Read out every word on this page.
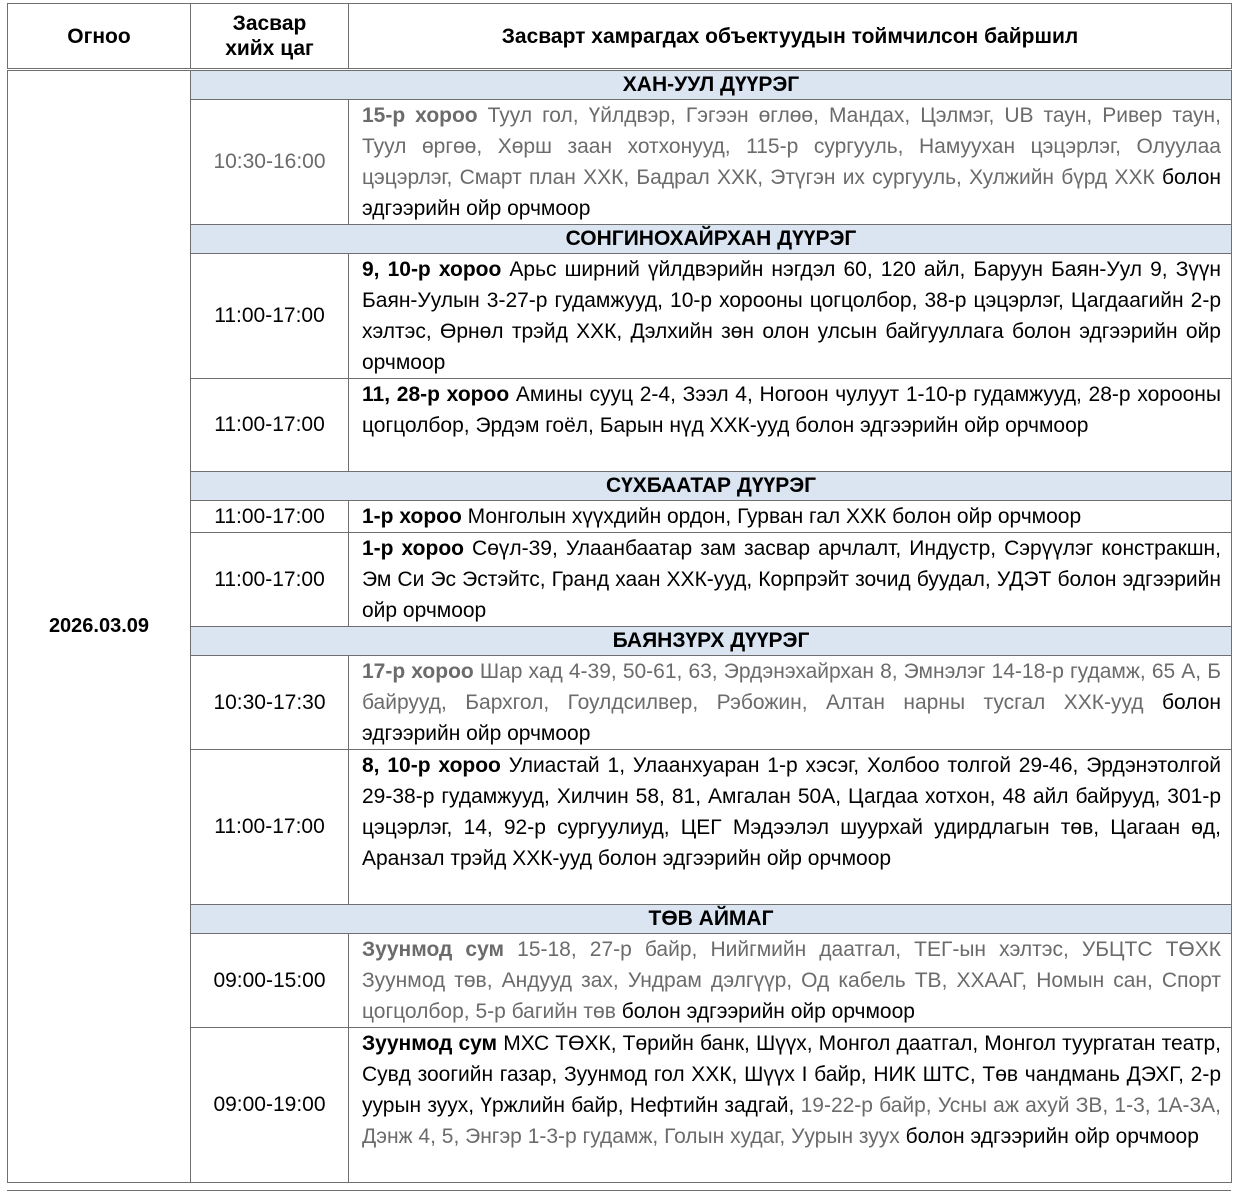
Огноо	Засвар хийх цаг	Засварт хамрагдах объектуудын тоймчилсон байршил
2026.03.09	ХАН-УУЛ ДҮҮРЭГ	
	10:30-16:00	15-р хороо Туул гол, Үйлдвэр, Гэгээн өглөө, Мандах, Цэлмэг, UB таун, Ривер таун, Туул өргөө, Хөрш заан хотхонууд, 115-р сургууль, Намуухан цэцэрлэг, Олуулаа цэцэрлэг, Смарт план ХХК, Бадрал ХХК, Этүгэн их сургууль, Хулжийн бүрд ХХК болон эдгээрийн ойр орчмоор
	СОНГИНОХАЙРХАН ДҮҮРЭГ	
	11:00-17:00	9, 10-р хороо Арьс ширний үйлдвэрийн нэгдэл 60, 120 айл, Баруун Баян-Уул 9, Зүүн Баян-Уулын 3-27-р гудамжууд, 10-р хорооны цогцолбор, 38-р цэцэрлэг, Цагдаагийн 2-р хэлтэс, Өрнөл трэйд ХХК, Дэлхийн зөн олон улсын байгууллага болон эдгээрийн ойр орчмоор
	11:00-17:00	11, 28-р хороо Амины сууц 2-4, Зээл 4, Ногоон чулуут 1-10-р гудамжууд, 28-р хорооны цогцолбор, Эрдэм гоёл, Барын нүд ХХК-ууд болон эдгээрийн ойр орчмоор
	СҮХБААТАР ДҮҮРЭГ	
	11:00-17:00	1-р хороо Монголын хүүхдийн ордон, Гурван гал ХХК болон ойр орчмоор
	11:00-17:00	1-р хороо Сөүл-39, Улаанбаатар зам засвар арчлалт, Индустр, Сэрүүлэг констракшн, Эм Си Эс Эстэйтс, Гранд хаан ХХК-ууд, Корпрэйт зочид буудал, УДЭТ болон эдгээрийн ойр орчмоор
	БАЯНЗҮРХ ДҮҮРЭГ	
	10:30-17:30	17-р хороо Шар хад 4-39, 50-61, 63, Эрдэнэхайрхан 8, Эмнэлэг 14-18-р гудамж, 65 А, Б байрууд, Бархгол, Гоулдсилвер, Рэбожин, Алтан нарны тусгал ХХК-ууд болон эдгээрийн ойр орчмоор
	11:00-17:00	8, 10-р хороо Улиастай 1, Улаанхуаран 1-р хэсэг, Холбоо толгой 29-46, Эрдэнэтолгой 29-38-р гудамжууд, Хилчин 58, 81, Амгалан 50А, Цагдаа хотхон, 48 айл байрууд, 301-р цэцэрлэг, 14, 92-р сургуулиуд, ЦЕГ Мэдээлэл шуурхай удирдлагын төв, Цагаан өд, Аранзал трэйд ХХК-ууд болон эдгээрийн ойр орчмоор
	ТӨВ АЙМАГ	
	09:00-15:00	Зуунмод сум 15-18, 27-р байр, Нийгмийн даатгал, ТЕГ-ын хэлтэс, УБЦТС ТӨХК Зуунмод төв, Андууд зах, Ундрам дэлгүүр, Од кабель ТВ, ХХААГ, Номын сан, Спорт цогцолбор, 5-р багийн төв болон эдгээрийн ойр орчмоор
	09:00-19:00	Зуунмод сум МХС ТӨХК, Төрийн банк, Шүүх, Монгол даатгал, Монгол туургатан театр, Сувд зоогийн газар, Зуунмод гол ХХК, Шүүх I байр, НИК ШТС, Төв чандмань ДЭХГ, 2-р уурын зуух, Үржлийн байр, Нефтийн задгай, 19-22-р байр, Усны аж ахуй ЗВ, 1-3, 1А-3А, Дэнж 4, 5, Энгэр 1-3-р гудамж, Голын худаг, Уурын зуух болон эдгээрийн ойр орчмоор
